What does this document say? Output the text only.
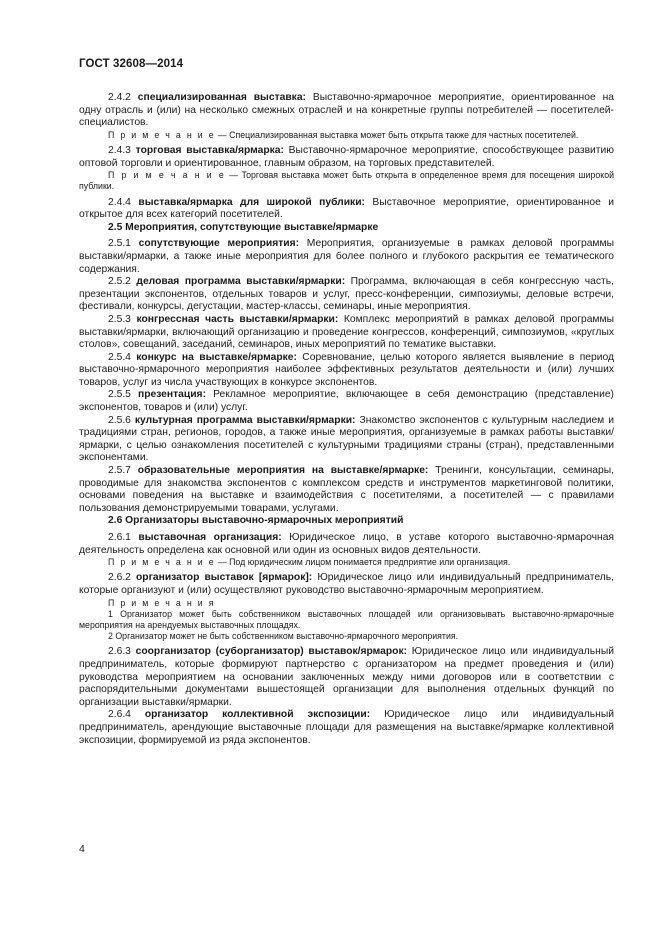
ГОСТ 32608—2014

2.4.2 специализированная выставка: Выставочно-ярмарочное мероприятие, ориентированное на одну отрасль и (или) на несколько смежных отраслей и на конкретные группы потребителей — посетителей-специалистов.

П р и м е ч а н и е — Специализированная выставка может быть открыта также для частных посетителей.

2.4.3 торговая выставка/ярмарка: Выставочно-ярмарочное мероприятие, способствующее развитию оптовой торговли и ориентированное, главным образом, на торговых представителей.

П р и м е ч а н и е — Торговая выставка может быть открыта в определенное время для посещения широкой публики.

2.4.4 выставка/ярмарка для широкой публики: Выставочное мероприятие, ориентированное и открытое для всех категорий посетителей.

2.5 Мероприятия, сопутствующие выставке/ярмарке

2.5.1 сопутствующие мероприятия: Мероприятия, организуемые в рамках деловой программы выставки/ярмарки, а также иные мероприятия для более полного и глубокого раскрытия ее тематического содержания.

2.5.2 деловая программа выставки/ярмарки: Программа, включающая в себя конгрессную часть, презентации экспонентов, отдельных товаров и услуг, пресс-конференции, симпозиумы, деловые встречи, фестивали, конкурсы, дегустации, мастер-классы, семинары, иные мероприятия.

2.5.3 конгрессная часть выставки/ярмарки: Комплекс мероприятий в рамках деловой программы выставки/ярмарки, включающий организацию и проведение конгрессов, конференций, симпозиумов, «круглых столов», совещаний, заседаний, семинаров, иных мероприятий по тематике выставки.

2.5.4 конкурс на выставке/ярмарке: Соревнование, целью которого является выявление в период выставочно-ярмарочного мероприятия наиболее эффективных результатов деятельности и (или) лучших товаров, услуг из числа участвующих в конкурсе экспонентов.

2.5.5 презентация: Рекламное мероприятие, включающее в себя демонстрацию (представление) экспонентов, товаров и (или) услуг.

2.5.6 культурная программа выставки/ярмарки: Знакомство экспонентов с культурным наследием и традициями стран, регионов, городов, а также иные мероприятия, организуемые в рамках работы выставки/ярмарки, с целью ознакомления посетителей с культурными традициями страны (стран), представленными экспонентами.

2.5.7 образовательные мероприятия на выставке/ярмарке: Тренинги, консультации, семинары, проводимые для знакомства экспонентов с комплексом средств и инструментов маркетинговой политики, основами поведения на выставке и взаимодействия с посетителями, а посетителей — с правилами пользования демонстрируемыми товарами, услугами.

2.6 Организаторы выставочно-ярмарочных мероприятий

2.6.1 выставочная организация: Юридическое лицо, в уставе которого выставочно-ярмарочная деятельность определена как основной или один из основных видов деятельности.

П р и м е ч а н и е — Под юридическим лицом понимается предприятие или организация.

2.6.2 организатор выставок [ярмарок]: Юридическое лицо или индивидуальный предприниматель, которые организуют и (или) осуществляют руководство выставочно-ярмарочным мероприятием.

П р и м е ч а н и я

1 Организатор может быть собственником выставочных площадей или организовывать выставочно-ярмарочные мероприятия на арендуемых выставочных площадях.

2 Организатор может не быть собственником выставочно-ярмарочного мероприятия.

2.6.3 соорганизатор (суборганизатор) выставок/ярмарок: Юридическое лицо или индивидуальный предприниматель, которые формируют партнерство с организатором на предмет проведения и (или) руководства мероприятием на основании заключенных между ними договоров или в соответствии с распорядительными документами вышестоящей организации для выполнения отдельных функций по организации выставки/ярмарки.

2.6.4 организатор коллективной экспозиции: Юридическое лицо или индивидуальный предприниматель, арендующие выставочные площади для размещения на выставке/ярмарке коллективной экспозиции, формируемой из ряда экспонентов.

4
